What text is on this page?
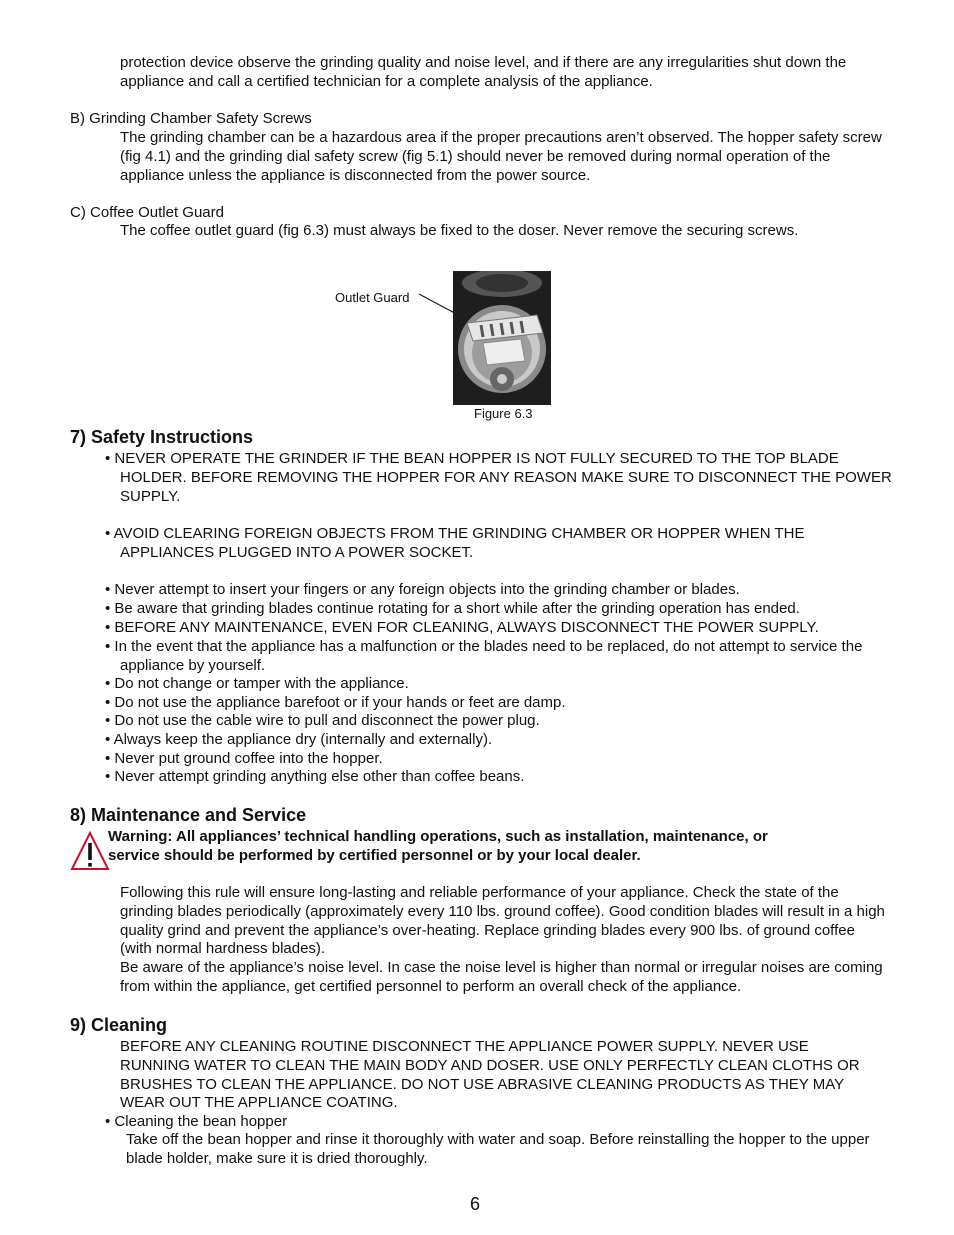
protection device observe the grinding quality and noise level, and if there are any irregularities shut down the appliance and call a certified technician for a complete analysis of the appliance.
B) Grinding Chamber Safety Screws
The grinding chamber can be a hazardous area if the proper precautions aren’t observed. The hopper safety screw (fig 4.1) and the grinding dial safety screw (fig 5.1) should never be removed during normal operation of the appliance unless the appliance is disconnected from the power source.
C) Coffee Outlet Guard
The coffee outlet guard (fig 6.3) must always be fixed to the doser. Never remove the securing screws.
Outlet Guard
Figure 6.3
7) Safety Instructions
• NEVER OPERATE THE GRINDER IF THE BEAN HOPPER IS NOT FULLY SECURED TO THE TOP BLADE HOLDER. BEFORE REMOVING THE HOPPER FOR ANY REASON MAKE SURE TO DISCONNECT THE POWER SUPPLY.
• AVOID CLEARING FOREIGN OBJECTS FROM THE GRINDING CHAMBER OR HOPPER WHEN THE APPLIANCES PLUGGED INTO A POWER SOCKET.
• Never attempt to insert your fingers or any foreign objects into the grinding chamber or blades.
• Be aware that grinding blades continue rotating for a short while after the grinding operation has ended.
• BEFORE ANY MAINTENANCE, EVEN FOR CLEANING, ALWAYS DISCONNECT THE POWER SUPPLY.
• In the event that the appliance has a malfunction or the blades need to be replaced, do not attempt to service the appliance by yourself.
• Do not change or tamper with the appliance.
• Do not use the appliance barefoot or if your hands or feet are damp.
• Do not use the cable wire to pull and disconnect the power plug.
• Always keep the appliance dry (internally and externally).
• Never put ground coffee into the hopper.
• Never attempt grinding anything else other than coffee beans.
8) Maintenance and Service
Warning: All appliances’ technical handling operations, such as installation, maintenance, or service should be performed by certified personnel or by your local dealer.
Following this rule will ensure long-lasting and reliable performance of your appliance. Check the state of the grinding blades periodically (approximately every 110 lbs. ground coffee). Good condition blades will result in a high quality grind and prevent the appliance’s over-heating. Replace grinding blades every 900 lbs. of ground coffee (with normal hardness blades).
Be aware of the appliance’s noise level. In case the noise level is higher than normal or irregular noises are coming from within the appliance, get certified personnel to perform an overall check of the appliance.
9) Cleaning
BEFORE ANY CLEANING ROUTINE DISCONNECT THE APPLIANCE POWER SUPPLY. NEVER USE RUNNING WATER TO CLEAN THE MAIN BODY AND DOSER. USE ONLY PERFECTLY CLEAN CLOTHS OR BRUSHES TO CLEAN THE APPLIANCE. DO NOT USE ABRASIVE CLEANING PRODUCTS AS THEY MAY WEAR OUT THE APPLIANCE COATING.
• Cleaning the bean hopper
Take off the bean hopper and rinse it thoroughly with water and soap. Before reinstalling the hopper to the upper blade holder, make sure it is dried thoroughly.
6
